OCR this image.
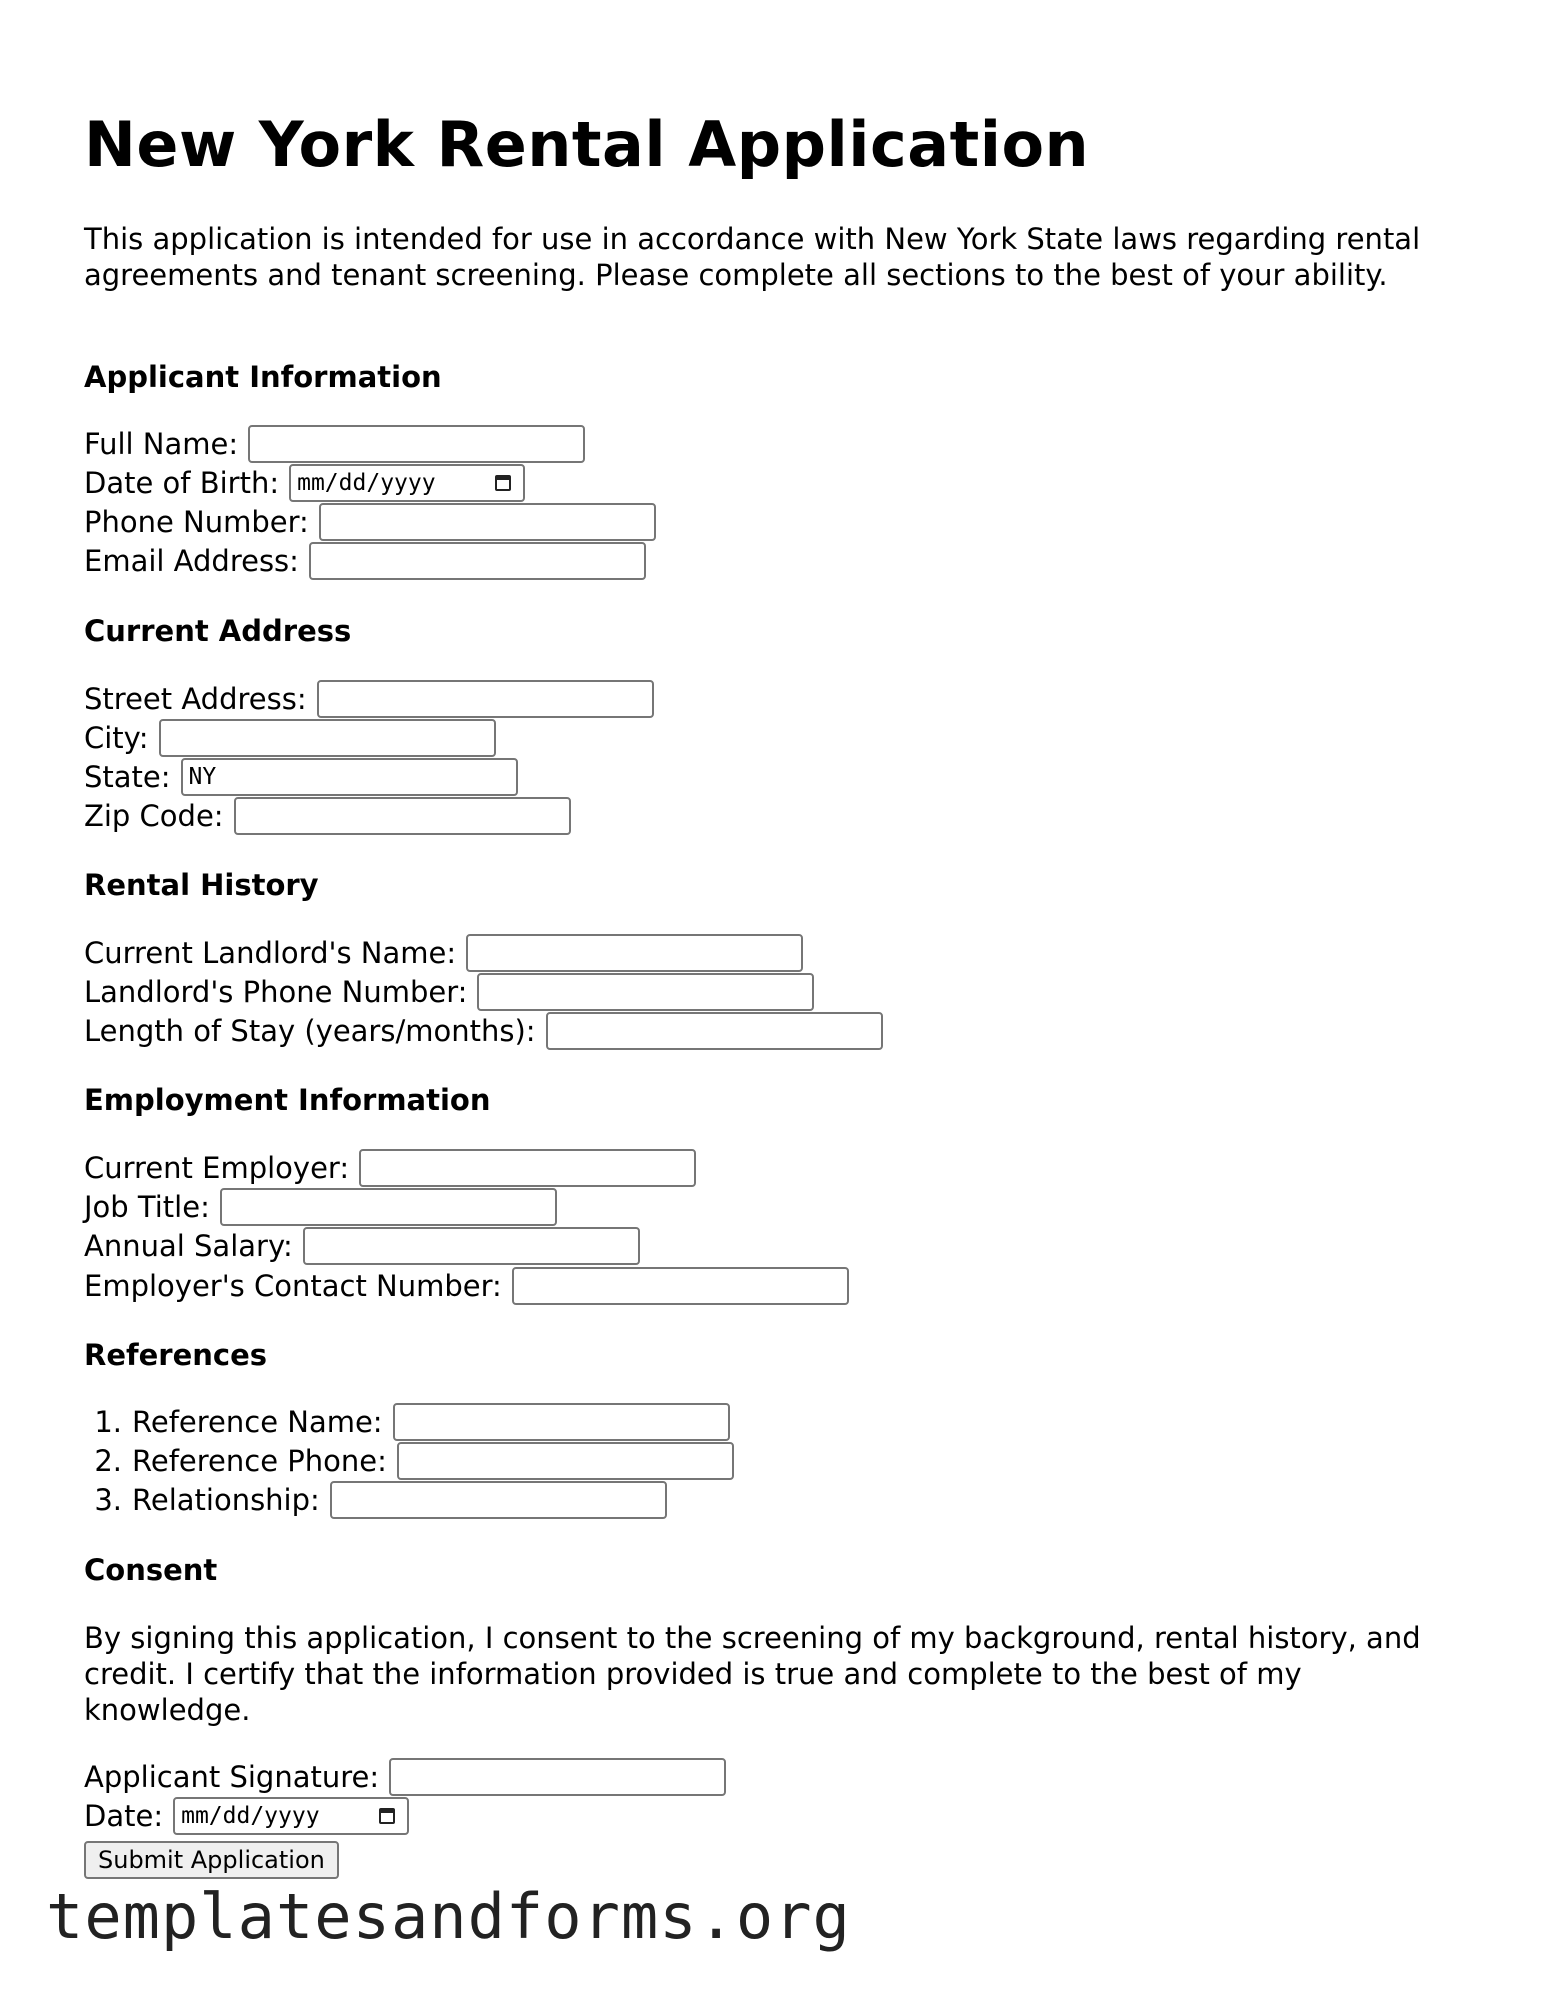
New York Rental Application

This application is intended for use in accordance with New York State laws regarding rental agreements and tenant screening. Please complete all sections to the best of your ability.

Applicant Information
Full Name:
Date of Birth: mm/dd/yyyy
Phone Number:
Email Address:
Current Address
Street Address:
City:
State: NY
Zip Code:
Rental History
Current Landlord's Name:
Landlord's Phone Number:
Length of Stay (years/months):
Employment Information
Current Employer:
Job Title:
Annual Salary:
Employer's Contact Number:
References
1. Reference Name:
2. Reference Phone:
3. Relationship:
Consent

By signing this application, I consent to the screening of my background, rental history, and credit. I certify that the information provided is true and complete to the best of my knowledge.

Applicant Signature:
Date: mm/dd/yyyy
Submit Application
templatesandforms.org
